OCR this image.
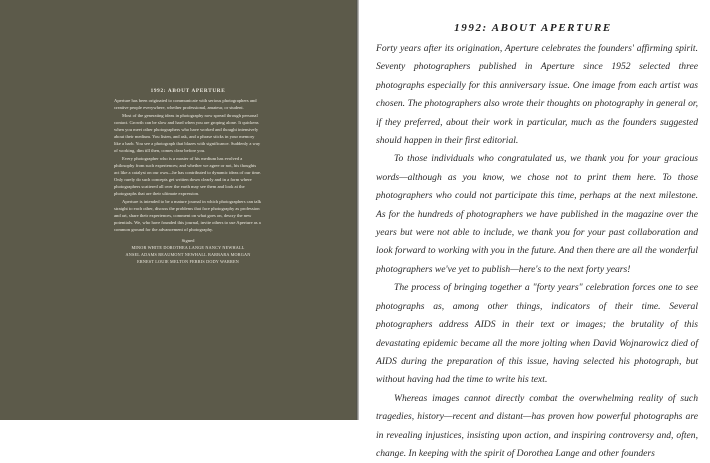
1992: ABOUT APERTURE

Aperture has been originated to communicate with serious photographers and creative people everywhere, whether professional, amateur, or student.

Most of the generating ideas in photography now spread through personal contact. Growth can be slow and hard when you are groping alone. It quickens when you meet other photographers who have worked and thought intensively about their medium. You listen, and ask, and a phrase sticks in your memory like a barb. You see a photograph that blazes with significance. Suddenly a way of working, dim till then, comes clear before you.

Every photographer who is a master of his medium has evolved a philosophy from such experiences; and whether we agree or not, his thoughts act like a catalyst on our own—he has contributed to dynamic ideas of our time. Only rarely do such concepts get written down clearly and in a form where photographers scattered all over the earth may see them and look at the photographs that are their ultimate expression.

Aperture is intended to be a mature journal in which photographers can talk straight to each other, discuss the problems that face photography as profession and art, share their experiences, comment on what goes on, descry the new potentials. We, who have founded this journal, invite others to use Aperture as a common ground for the advancement of photography.

Signed
MINOR WHITE DOROTHEA LANGE NANCY NEWHALL
ANSEL ADAMS BEAUMONT NEWHALL BARBARA MORGAN
ERNEST LOUIE MELTON FERRIS DODY WARREN
1992: ABOUT APERTURE

Forty years after its origination, Aperture celebrates the founders' affirming spirit. Seventy photographers published in Aperture since 1952 selected three photographs especially for this anniversary issue. One image from each artist was chosen. The photographers also wrote their thoughts on photography in general or, if they preferred, about their work in particular, much as the founders suggested should happen in their first editorial.

To those individuals who congratulated us, we thank you for your gracious words—although as you know, we chose not to print them here. To those photographers who could not participate this time, perhaps at the next milestone. As for the hundreds of photographers we have published in the magazine over the years but were not able to include, we thank you for your past collaboration and look forward to working with you in the future. And then there are all the wonderful photographers we've yet to publish—here's to the next forty years!

The process of bringing together a "forty years" celebration forces one to see photographs as, among other things, indicators of their time. Several photographers address AIDS in their text or images; the brutality of this devastating epidemic became all the more jolting when David Wojnarowicz died of AIDS during the preparation of this issue, having selected his photograph, but without having had the time to write his text.

Whereas images cannot directly combat the overwhelming reality of such tragedies, history—recent and distant—has proven how powerful photographs are in revealing injustices, insisting upon action, and inspiring controversy and, often, change. In keeping with the spirit of Dorothea Lange and other founders
